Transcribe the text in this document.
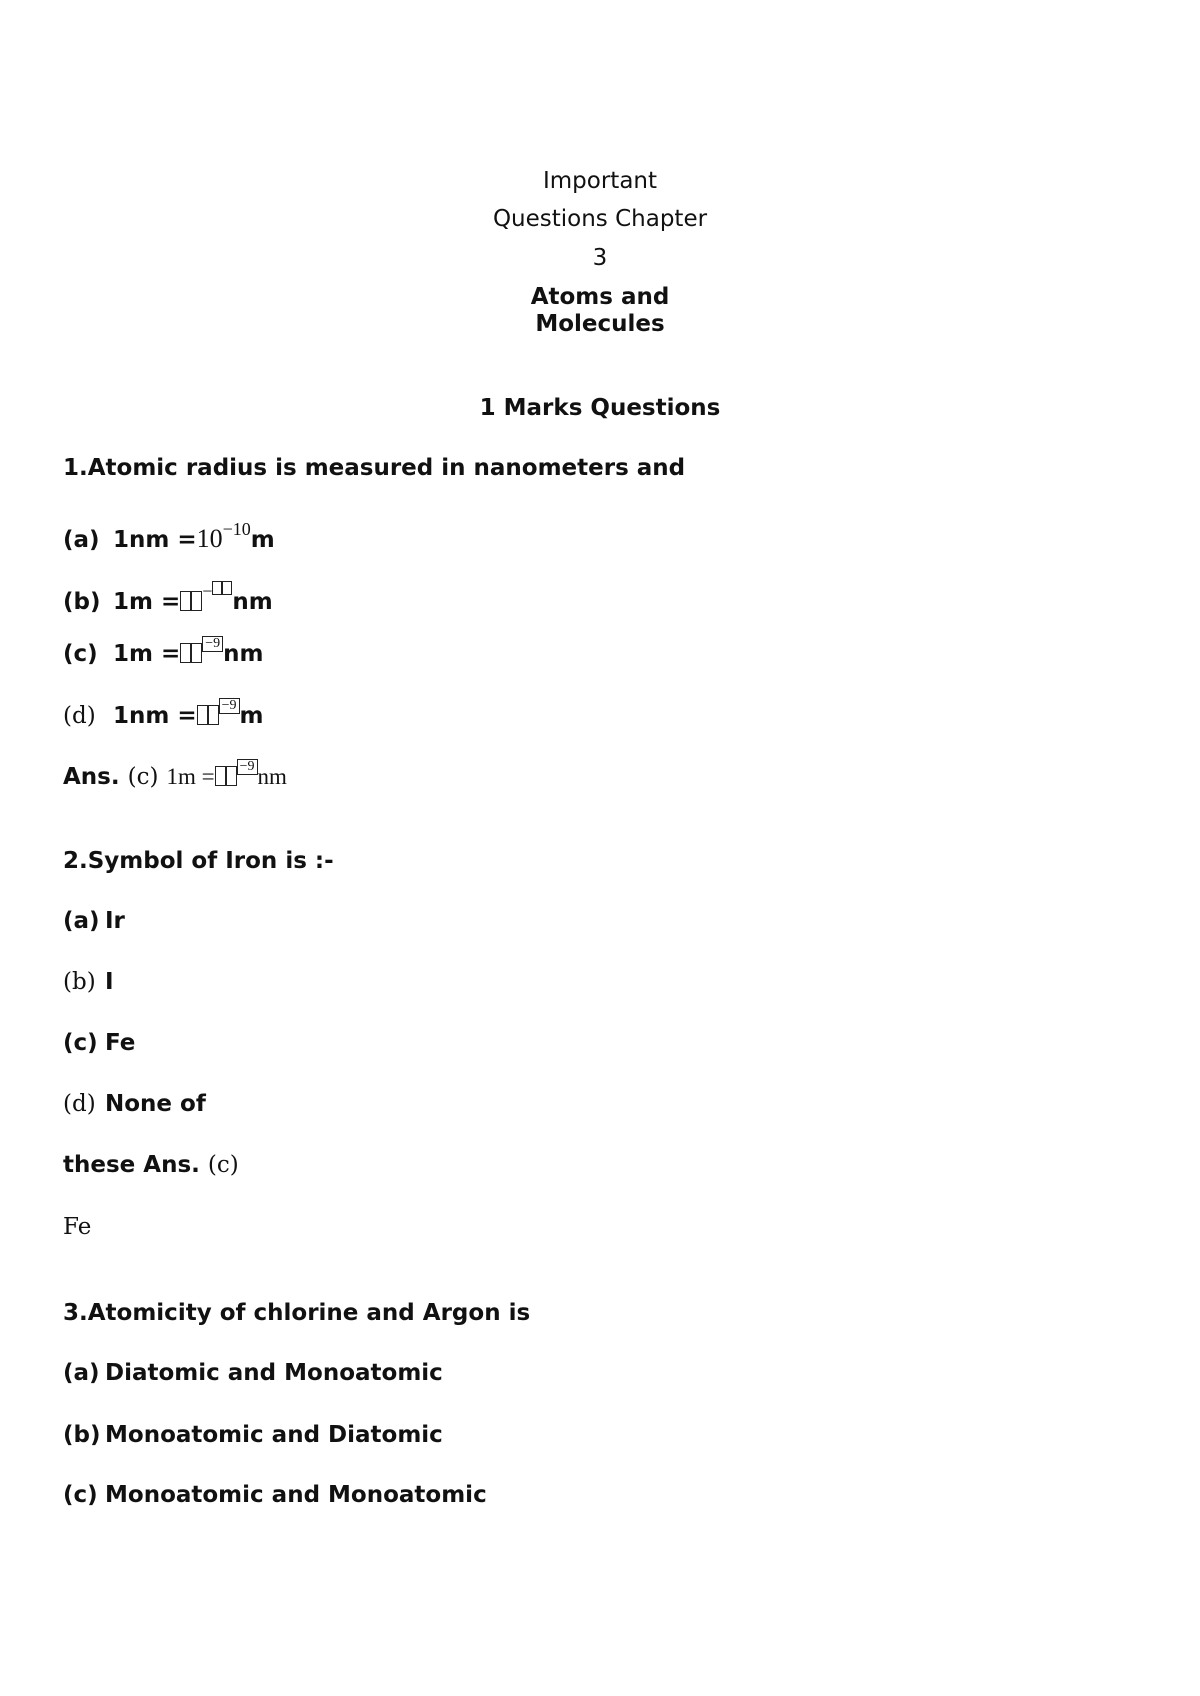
Important
Questions Chapter
3
Atoms and
Molecules
1 Marks Questions
1.Atomic radius is measured in nanometers and
(a) $1nm =10^{-10}m$
(b) 1m = − nm
(c) 1m = −9 nm
(d) 1nm = −9 m
Ans. (c) 1m = −9 nm
2.Symbol of Iron is :-
(a) Ir
(b) I
(c) Fe
(d) None of
these Ans. (c)
Fe
3.Atomicity of chlorine and Argon is
(a) Diatomic and Monoatomic
(b) Monoatomic and Diatomic
(c) Monoatomic and Monoatomic
